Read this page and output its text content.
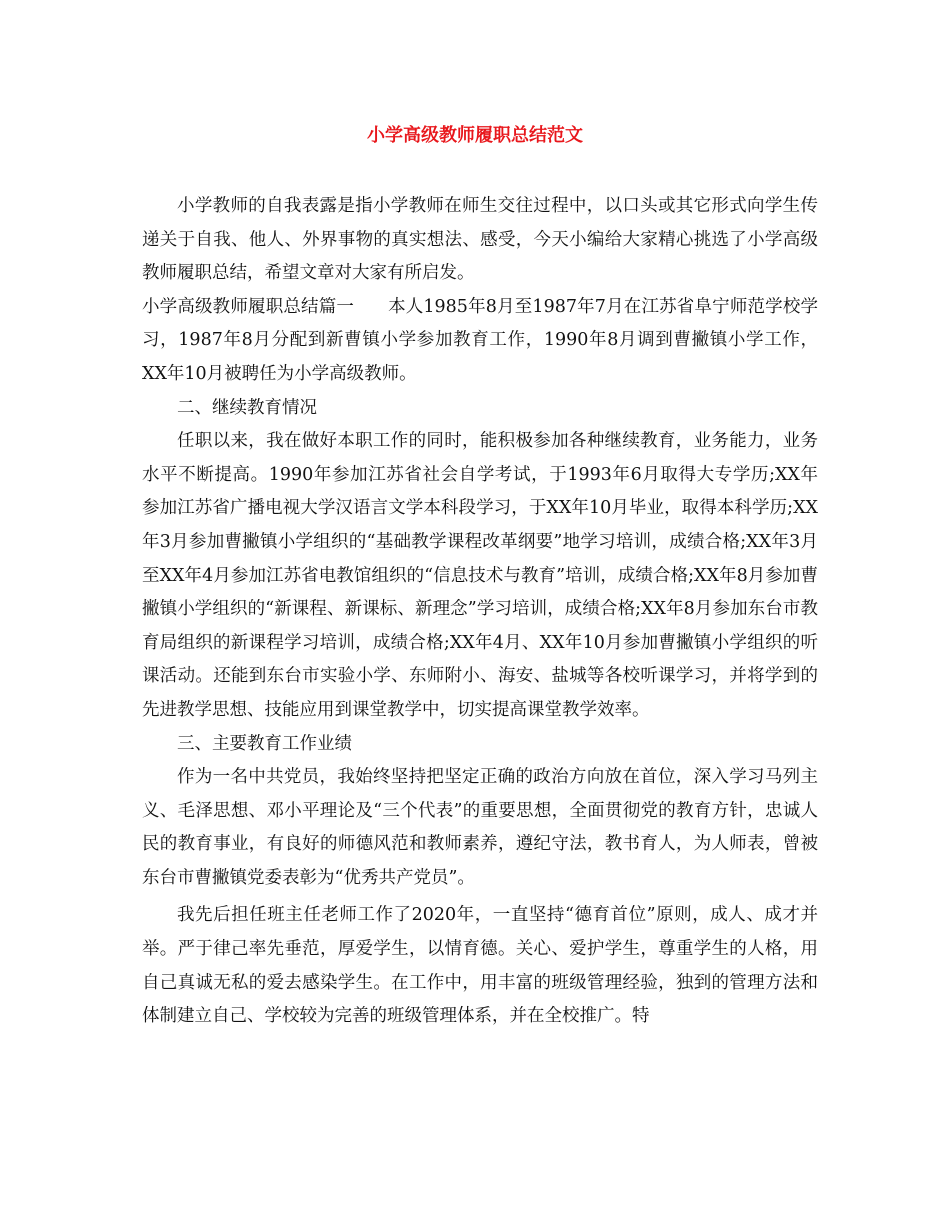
小学高级教师履职总结范文

小学教师的自我表露是指小学教师在师生交往过程中，以口头或其它形式向学生传递关于自我、他人、外界事物的真实想法、感受，今天小编给大家精心挑选了小学高级教师履职总结，希望文章对大家有所启发。

小学高级教师履职总结篇一 本人1985年8月至1987年7月在江苏省阜宁师范学校学习，1987年8月分配到新曹镇小学参加教育工作，1990年8月调到曹撇镇小学工作，XX年10月被聘任为小学高级教师。

二、继续教育情况

任职以来，我在做好本职工作的同时，能积极参加各种继续教育，业务能力，业务水平不断提高。1990年参加江苏省社会自学考试，于1993年6月取得大专学历;XX年 参加江苏省广播电视大学汉语言文学本科段学习，于XX年10月毕业，取得本科学历;XX年3月参加曹撇镇小学组织的“基础教学课程改革纲要”地学习培训，成绩合格;XX年3月至XX年4月参加江苏省电教馆组织的“信息技术与教育”培训，成绩合格;XX年8月参加曹撇镇小学组织的“新课程、新课标、新理念”学习培训，成绩合格;XX年8月参加东台市教育局组织的新课程学习培训，成绩合格;XX年4月、XX年10月参加曹撇镇小学组织的听课活动。还能到东台市实验小学、东师附小、海安、盐城等各校听课学习，并将学到的先进教学思想、技能应用到课堂教学中，切实提高课堂教学效率。

三、主要教育工作业绩

作为一名中共党员，我始终坚持把坚定正确的政治方向放在首位，深入学习马列主义、毛泽思想、邓小平理论及“三个代表”的重要思想，全面贯彻党的教育方针，忠诚人民的教育事业，有良好的师德风范和教师素养，遵纪守法，教书育人，为人师表，曾被东台市曹撇镇党委表彰为“优秀共产党员”。

我先后担任班主任老师工作了2020年，一直坚持“德育首位”原则，成人、成才并举。严于律己率先垂范，厚爱学生，以情育德。关心、爱护学生，尊重学生的人格，用自己真诚无私的爱去感染学生。在工作中，用丰富的班级管理经验，独到的管理方法和体制建立自己、学校较为完善的班级管理体系，并在全校推广。特
